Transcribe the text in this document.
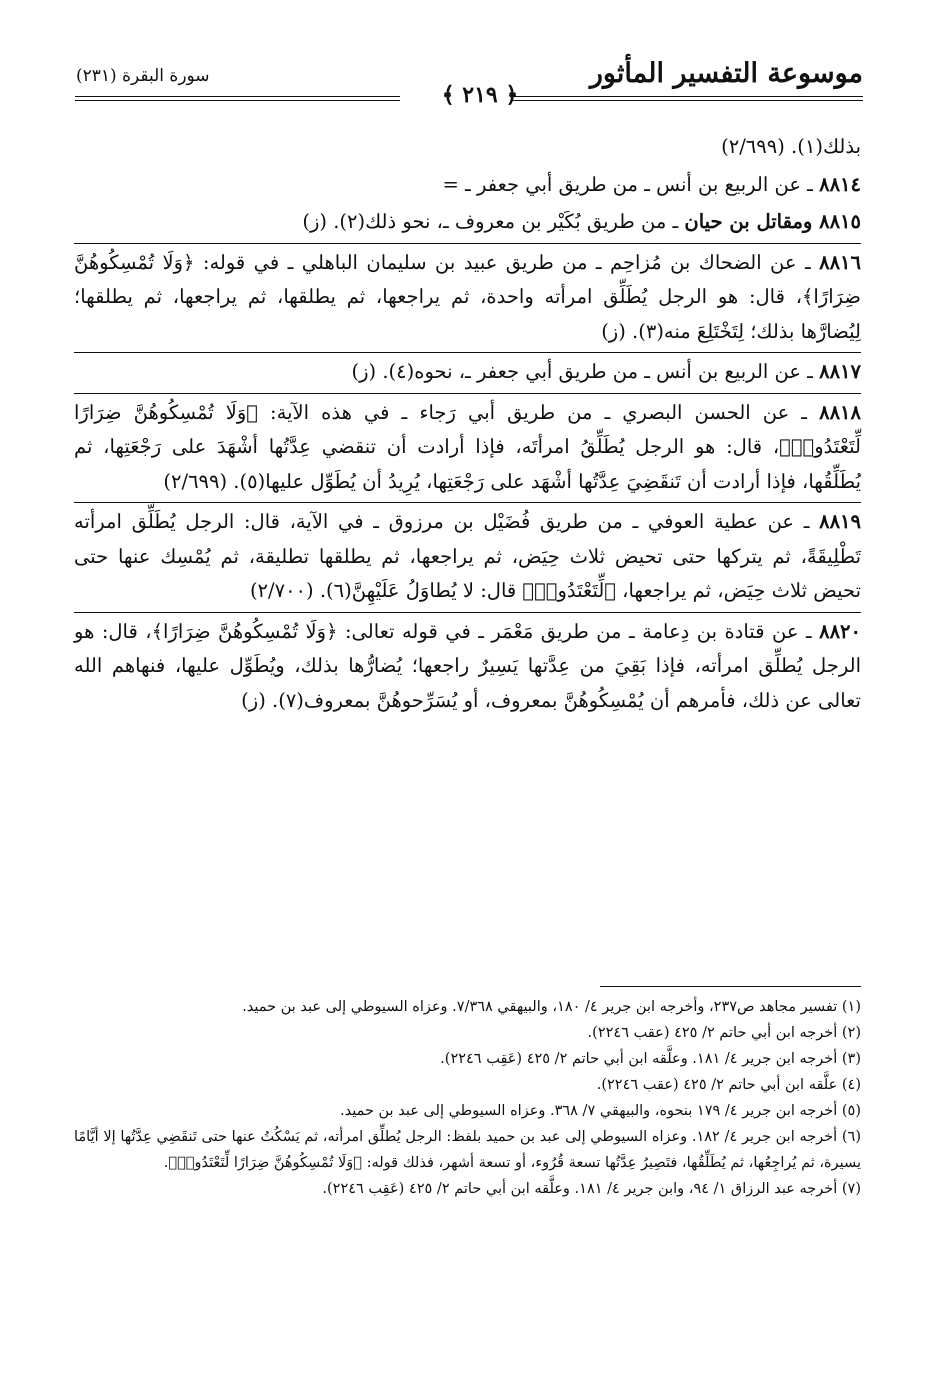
موسوعة التفسير المأثور
سورة البقرة (٢٣١)
﴿ ٢١٩ ﴾

بذلك(١). (٢/٦٩٩)

٨٨١٤ ـ عن الربيع بن أنس ـ من طريق أبي جعفر ـ =

٨٨١٥ ومقاتل بن حيان ـ من طريق بُكَيْر بن معروف ـ، نحو ذلك(٢). (ز)

٨٨١٦ ـ عن الضحاك بن مُزاحِم ـ من طريق عبيد بن سليمان الباهلي ـ في قوله: ﴿وَلَا تُمْسِكُوهُنَّ ضِرَارًا﴾، قال: هو الرجل يُطَلِّق امرأته واحدة، ثم يراجعها، ثم يطلقها، ثم يراجعها، ثم يطلقها؛ لِيُضارَّها بذلك؛ لِتَخْتَلِعَ منه(٣). (ز)

٨٨١٧ ـ عن الربيع بن أنس ـ من طريق أبي جعفر ـ، نحوه(٤). (ز)

٨٨١٨ ـ عن الحسن البصري ـ من طريق أبي رَجاء ـ في هذه الآية: ﴿وَلَا تُمْسِكُوهُنَّ ضِرَارًا لِّتَعْتَدُوا۟﴾، قال: هو الرجل يُطَلِّقُ امرأتَه، فإذا أرادت أن تنقضي عِدَّتُها أشْهَدَ على رَجْعَتِها، ثم يُطَلِّقُها، فإذا أرادت أن تَنقَضِيَ عِدَّتُها أشْهَد على رَجْعَتِها، يُرِيدُ أن يُطَوِّل عليها(٥). (٢/٦٩٩)

٨٨١٩ ـ عن عطية العوفي ـ من طريق فُضَيْل بن مرزوق ـ في الآية، قال: الرجل يُطَلِّق امرأته تَطْلِيقَةً، ثم يتركها حتى تحيض ثلاث حِيَض، ثم يراجعها، ثم يطلقها تطليقة، ثم يُمْسِك عنها حتى تحيض ثلاث حِيَض، ثم يراجعها، ﴿لِّتَعْتَدُوا۟﴾ قال: لا يُطاوَلُ عَلَيْهِنَّ(٦). (٢/٧٠٠)

٨٨٢٠ ـ عن قتادة بن دِعامة ـ من طريق مَعْمَر ـ في قوله تعالى: ﴿وَلَا تُمْسِكُوهُنَّ ضِرَارًا﴾، قال: هو الرجل يُطلِّق امرأته، فإذا بَقِيَ من عِدَّتها يَسِيرٌ راجعها؛ يُضارُّها بذلك، ويُطَوِّل عليها، فنهاهم الله تعالى عن ذلك، فأمرهم أن يُمْسِكُوهُنَّ بمعروف، أو يُسَرِّحوهُنَّ بمعروف(٧). (ز)

(١) تفسير مجاهد ص٢٣٧، وأخرجه ابن جرير ٤/ ١٨٠، والبيهقي ٧/٣٦٨. وعزاه السيوطي إلى عبد بن حميد.

(٢) أخرجه ابن أبي حاتم ٢/ ٤٢٥ (عقب ٢٢٤٦).

(٣) أخرجه ابن جرير ٤/ ١٨١. وعلَّقه ابن أبي حاتم ٢/ ٤٢٥ (عَقِب ٢٢٤٦).

(٤) علَّقه ابن أبي حاتم ٢/ ٤٢٥ (عقب ٢٢٤٦).

(٥) أخرجه ابن جرير ٤/ ١٧٩ بنحوه، والبيهقي ٧/ ٣٦٨. وعزاه السيوطي إلى عبد بن حميد.

(٦) أخرجه ابن جرير ٤/ ١٨٢. وعزاه السيوطي إلى عبد بن حميد بلفظ: الرجل يُطلِّق امرأته، ثم يَسْكُتُ عنها حتى تَنقَضِي عِدَّتُها إلا أيَّامًا يسيرة، ثم يُراجِعُها، ثم يُطَلِّقُها، فتَصِيرُ عِدَّتُها تسعة قُرُوء، أو تسعة أشهر، فذلك قوله: ﴿وَلَا تُمْسِكُوهُنَّ ضِرَارًا لِّتَعْتَدُوا۟﴾.

(٧) أخرجه عبد الرزاق ١/ ٩٤، وابن جرير ٤/ ١٨١. وعلَّقه ابن أبي حاتم ٢/ ٤٢٥ (عَقِب ٢٢٤٦).
